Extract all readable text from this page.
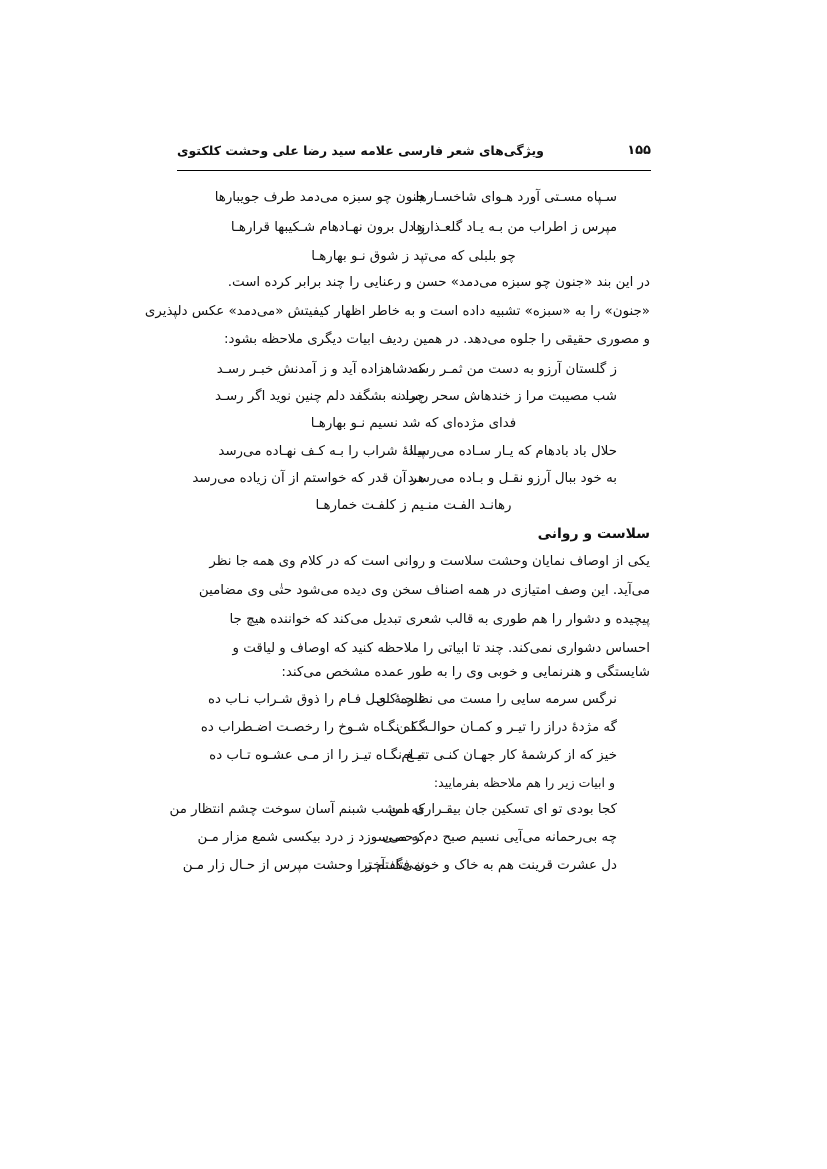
۱۵۵
ویژگی‌های شعر فارسی علامه سید رضا علی وحشت کلکتوی
سـپاه مسـتی آورد هـوای شاخسـارها
جنون چو سبزه می‌دمد طرف جویبارها
مپرس ز اطراب من بـه یـاد گلعـذارها
ز دل برون نهـادهام شـکیبها قرارهـا
چو بلبلی که می‌تپد ز شوق نـو بهارهـا
در این بند «جنون چو سبزه می‌دمد» حسن و رعنایی را چند برابر کرده است.
«جنون» را به «سبزه» تشبیه داده است و به خاطر اظهار کیفیتش «می‌دمد» عکس دلپذیری
و مصوری حقیقی را جلوه می‌دهد. در همین ردیف ابیات دیگری ملاحظه بشود:
ز گلستان آرزو به دست من ثمـر رسـد
که شاهزاده آید و ز آمدنش خبـر رسـد
شب مصیبت مرا ز خندهاش سحر رسـد
چرا نه بشگفد دلم چنین نوید اگر رسـد
فدای مژده‌ای که شد نسیم نـو بهارهـا
حلال باد بادهام که یـار سـاده می‌رسـد
پیالهٔ شراب را بـه کـف نهـاده می‌رسد
به خود ببال آرزو نقـل و بـاده می‌رسـد
هر آن قدر که خواستم از آن زیاده می‌رسد
رهانـد الفـت منـیم ز کلفـت خمارهـا
سلاست و روانی
یکی از اوصاف نمایان وحشت سلاست و روانی است که در کلام وی همه جا نظر
می‌آید. این وصف امتیازی در همه اصناف سخن وی دیده می‌شود حتٰی وی مضامین
پیچیده و دشوار را هم طوری به قالب شعری تبدیل می‌کند که خواننده هیچ جا
احساس دشواری نمی‌کند. چند تا ابیاتی را ملاحظه کنید که اوصاف و لیاقت و
شایستگی و هنرنمایی و خوبی وی را به طور عمده مشخص می‌کند:
نرگس سرمه سایی را مست می نظاره کـن
غنچـهٔ لعـل فـام را ذوق شـراب نـاب ده
گه مژدهٔ دراز را تیـر و کمـان حوالـه کـن
گـاه نگـاه شـوخ را رخصـت اضـطراب ده
خیز که از کرشمهٔ کار جهـان کنـی تمـام
تیـغ نگـاه تیـز را از مـی عشـوه تـاب ده
و ابیات زیر را هم ملاحظه بفرمایید:
کجا بودی تو ای تسکین جان بیقـراری مـن
که امشب شبنم آسان سوخت چشم انتظار من
چه بی‌رحمانه می‌آیی نسیم صبح دم رحمـی
که می‌سوزد ز درد بیکسی شمع مزار مـن
دل عشرت قرینت هم به خاک و خون فتاد آخر
نمی‌گفتم ترا وحشت مپرس از حـال زار مـن
